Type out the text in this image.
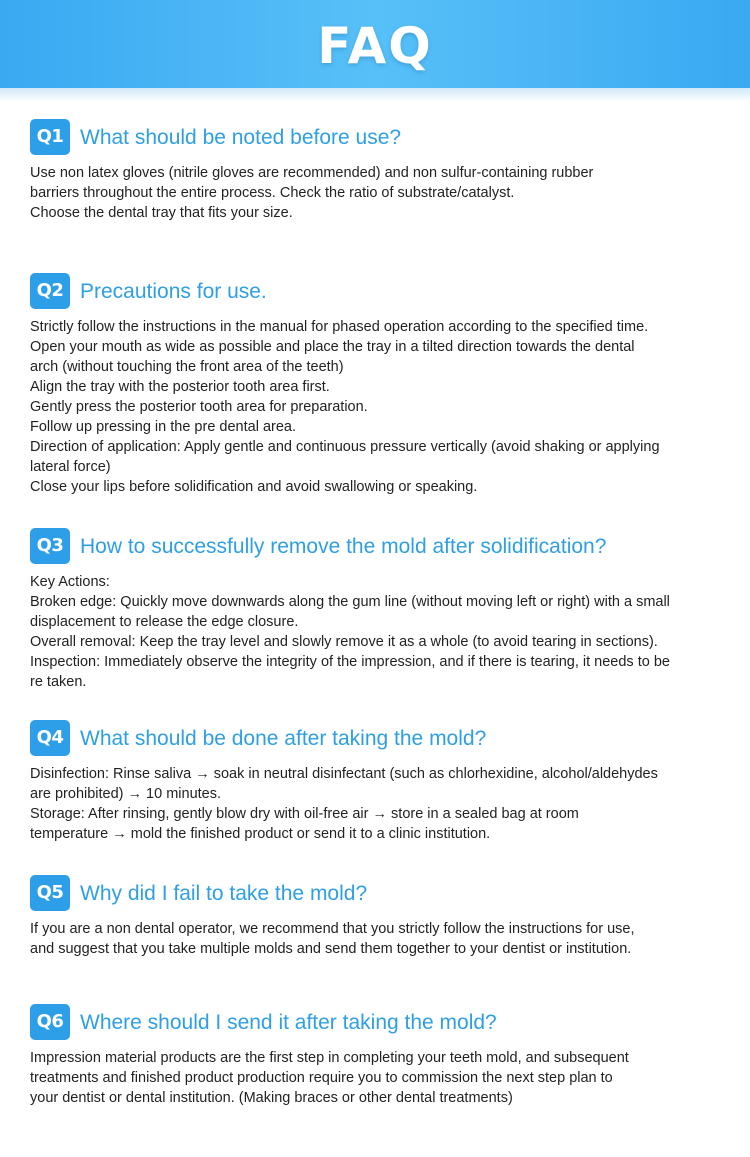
FAQ
Q1 What should be noted before use?
Use non latex gloves (nitrile gloves are recommended) and non sulfur-containing rubber
barriers throughout the entire process. Check the ratio of substrate/catalyst.
Choose the dental tray that fits your size.
Q2 Precautions for use.
Strictly follow the instructions in the manual for phased operation according to the specified time.
Open your mouth as wide as possible and place the tray in a tilted direction towards the dental
arch (without touching the front area of the teeth)
Align the tray with the posterior tooth area first.
Gently press the posterior tooth area for preparation.
Follow up pressing in the pre dental area.
Direction of application: Apply gentle and continuous pressure vertically (avoid shaking or applying
lateral force)
Close your lips before solidification and avoid swallowing or speaking.
Q3 How to successfully remove the mold after solidification?
Key Actions:
Broken edge: Quickly move downwards along the gum line (without moving left or right) with a small
displacement to release the edge closure.
Overall removal: Keep the tray level and slowly remove it as a whole (to avoid tearing in sections).
Inspection: Immediately observe the integrity of the impression, and if there is tearing, it needs to be
re taken.
Q4 What should be done after taking the mold?
Disinfection: Rinse saliva → soak in neutral disinfectant (such as chlorhexidine, alcohol/aldehydes
are prohibited) → 10 minutes.
Storage: After rinsing, gently blow dry with oil-free air → store in a sealed bag at room
temperature → mold the finished product or send it to a clinic institution.
Q5 Why did I fail to take the mold?
If you are a non dental operator, we recommend that you strictly follow the instructions for use,
and suggest that you take multiple molds and send them together to your dentist or institution.
Q6 Where should I send it after taking the mold?
Impression material products are the first step in completing your teeth mold, and subsequent
treatments and finished product production require you to commission the next step plan to
your dentist or dental institution. (Making braces or other dental treatments)
